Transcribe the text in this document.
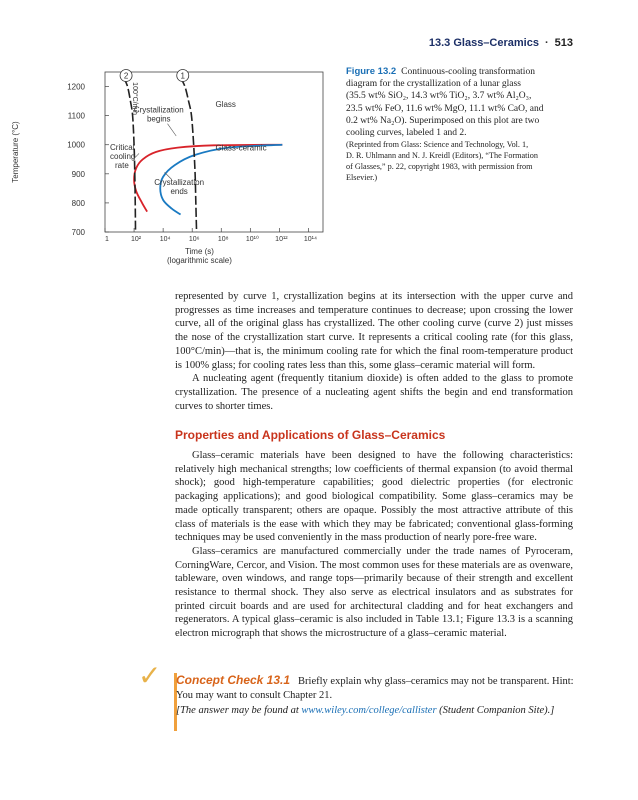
13.3 Glass–Ceramics · 513
700
800
900
1000
1100
1200
1	10²	10⁴	10⁶	10⁸ 10¹⁰ 10¹² 10¹⁴
Time (s)
(logarithmic scale)
Temperature (°C)
2	1
100°C/min
Crystallization
begins
Crystallization
ends
Glass
Glass-ceramic
Critical
cooling
rate
Figure 13.2 Continuous-cooling transformation
diagram for the crystallization of a lunar glass
(35.5 wt% SiO₂, 14.3 wt% TiO₂, 3.7 wt% Al₂O₃,
23.5 wt% FeO, 11.6 wt% MgO, 11.1 wt% CaO, and
0.2 wt% Na₂O). Superimposed on this plot are two
cooling curves, labeled 1 and 2.
(Reprinted from Glass: Science and Technology, Vol. 1,
D. R. Uhlmann and N. J. Kreidl (Editors), “The Formation
of Glasses,” p. 22, copyright 1983, with permission from
Elsevier.)

represented by curve 1, crystallization begins at its intersection with the upper curve and progresses as time increases and temperature continues to decrease; upon crossing the lower curve, all of the original glass has crystallized. The other cooling curve (curve 2) just misses the nose of the crystallization start curve. It represents a critical cooling rate (for this glass, 100°C/min)—that is, the minimum cooling rate for which the final room-temperature product is 100% glass; for cooling rates less than this, some glass–ceramic material will form.

A nucleating agent (frequently titanium dioxide) is often added to the glass to promote crystallization. The presence of a nucleating agent shifts the begin and end transformation curves to shorter times.

Properties and Applications of Glass–Ceramics

Glass–ceramic materials have been designed to have the following characteristics: relatively high mechanical strengths; low coefficients of thermal expansion (to avoid thermal shock); good high-temperature capabilities; good dielectric properties (for electronic packaging applications); and good biological compatibility. Some glass–ceramics may be made optically transparent; others are opaque. Possibly the most attractive attribute of this class of materials is the ease with which they may be fabricated; conventional glass-forming techniques may be used conveniently in the mass production of nearly pore-free ware.

Glass–ceramics are manufactured commercially under the trade names of Pyroceram, CorningWare, Cercor, and Vision. The most common uses for these materials are as ovenware, tableware, oven windows, and range tops—primarily because of their strength and excellent resistance to thermal shock. They also serve as electrical insulators and as substrates for printed circuit boards and are used for architectural cladding and for heat exchangers and regenerators. A typical glass–ceramic is also included in Table 13.1; Figure 13.3 is a scanning electron micrograph that shows the microstructure of a glass–ceramic material.

✓ Concept Check 13.1 Briefly explain why glass–ceramics may not be transparent. Hint: You may want to consult Chapter 21.
[The answer may be found at www.wiley.com/college/callister (Student Companion Site).]
